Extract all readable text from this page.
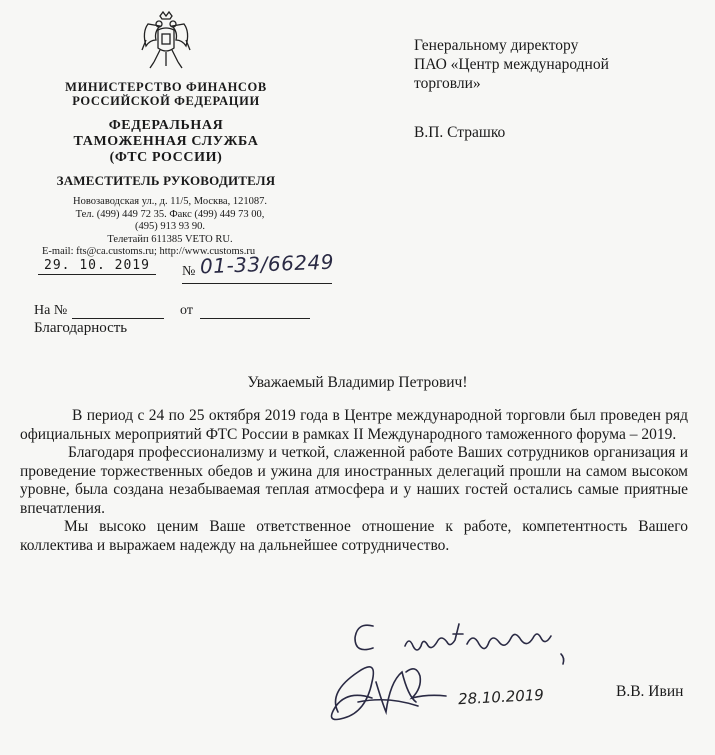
МИНИСТЕРСТВО ФИНАНСОВ
РОССИЙСКОЙ ФЕДЕРАЦИИ
ФЕДЕРАЛЬНАЯ
ТАМОЖЕННАЯ СЛУЖБА
(ФТС РОССИИ)
ЗАМЕСТИТЕЛЬ РУКОВОДИТЕЛЯ
Новозаводская ул., д. 11/5, Москва, 121087.
Тел. (499) 449 72 35. Факс (499) 449 73 00,
(495) 913 93 90.
Телетайп 611385 VETO RU.
E-mail: fts@ca.customs.ru; http://www.customs.ru
29. 10. 2019	№ 01-33/66249
На №	от
Благодарность
Генеральному директору
ПАО «Центр международной
торговли»
В.П. Страшко
Уважаемый Владимир Петрович!

В период с 24 по 25 октября 2019 года в Центре международной торговли был проведен ряд официальных мероприятий ФТС России в рамках II Международного таможенного форума – 2019.

Благодаря профессионализму и четкой, слаженной работе Ваших сотрудников организация и проведение торжественных обедов и ужина для иностранных делегаций прошли на самом высоком уровне, была создана незабываемая теплая атмосфера и у наших гостей остались самые приятные впечатления.

Мы высоко ценим Ваше ответственное отношение к работе, компетентность Вашего коллектива и выражаем надежду на дальнейшее сотрудничество.

28.10.2019	В.В. Ивин
